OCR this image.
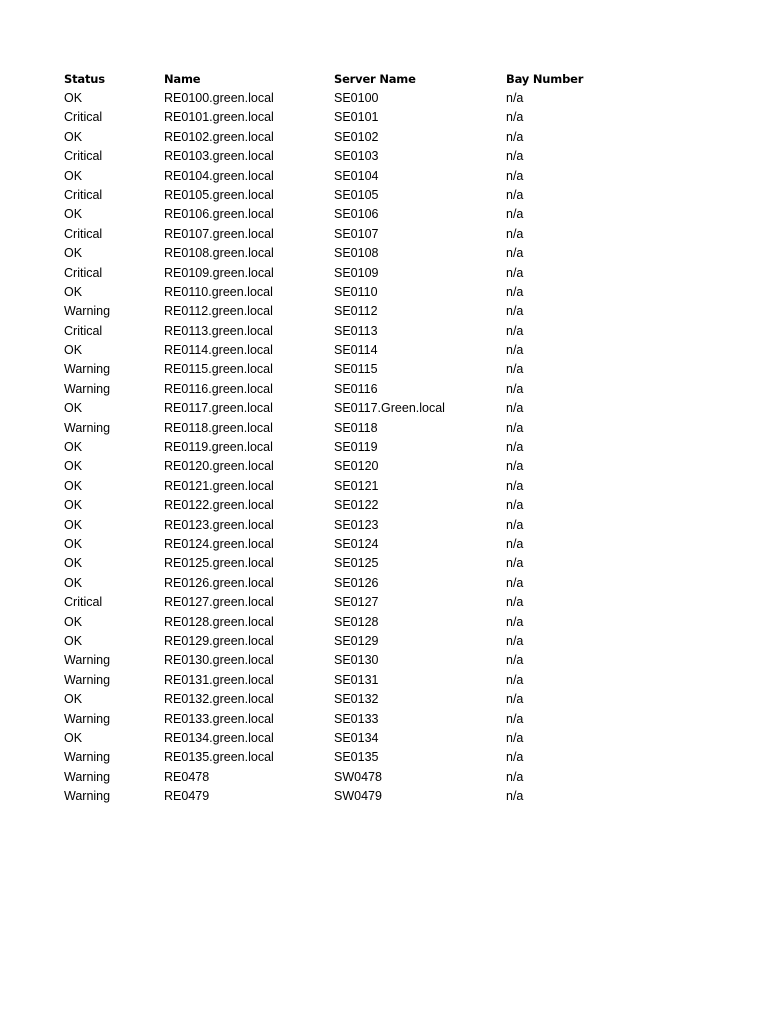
Status	Name	Server Name	Bay Number
OK	RE0100.green.local	SE0100	n/a
Critical	RE0101.green.local	SE0101	n/a
OK	RE0102.green.local	SE0102	n/a
Critical	RE0103.green.local	SE0103	n/a
OK	RE0104.green.local	SE0104	n/a
Critical	RE0105.green.local	SE0105	n/a
OK	RE0106.green.local	SE0106	n/a
Critical	RE0107.green.local	SE0107	n/a
OK	RE0108.green.local	SE0108	n/a
Critical	RE0109.green.local	SE0109	n/a
OK	RE0110.green.local	SE0110	n/a
Warning	RE0112.green.local	SE0112	n/a
Critical	RE0113.green.local	SE0113	n/a
OK	RE0114.green.local	SE0114	n/a
Warning	RE0115.green.local	SE0115	n/a
Warning	RE0116.green.local	SE0116	n/a
OK	RE0117.green.local	SE0117.Green.local	n/a
Warning	RE0118.green.local	SE0118	n/a
OK	RE0119.green.local	SE0119	n/a
OK	RE0120.green.local	SE0120	n/a
OK	RE0121.green.local	SE0121	n/a
OK	RE0122.green.local	SE0122	n/a
OK	RE0123.green.local	SE0123	n/a
OK	RE0124.green.local	SE0124	n/a
OK	RE0125.green.local	SE0125	n/a
OK	RE0126.green.local	SE0126	n/a
Critical	RE0127.green.local	SE0127	n/a
OK	RE0128.green.local	SE0128	n/a
OK	RE0129.green.local	SE0129	n/a
Warning	RE0130.green.local	SE0130	n/a
Warning	RE0131.green.local	SE0131	n/a
OK	RE0132.green.local	SE0132	n/a
Warning	RE0133.green.local	SE0133	n/a
OK	RE0134.green.local	SE0134	n/a
Warning	RE0135.green.local	SE0135	n/a
Warning	RE0478	SW0478	n/a
Warning	RE0479	SW0479	n/a
